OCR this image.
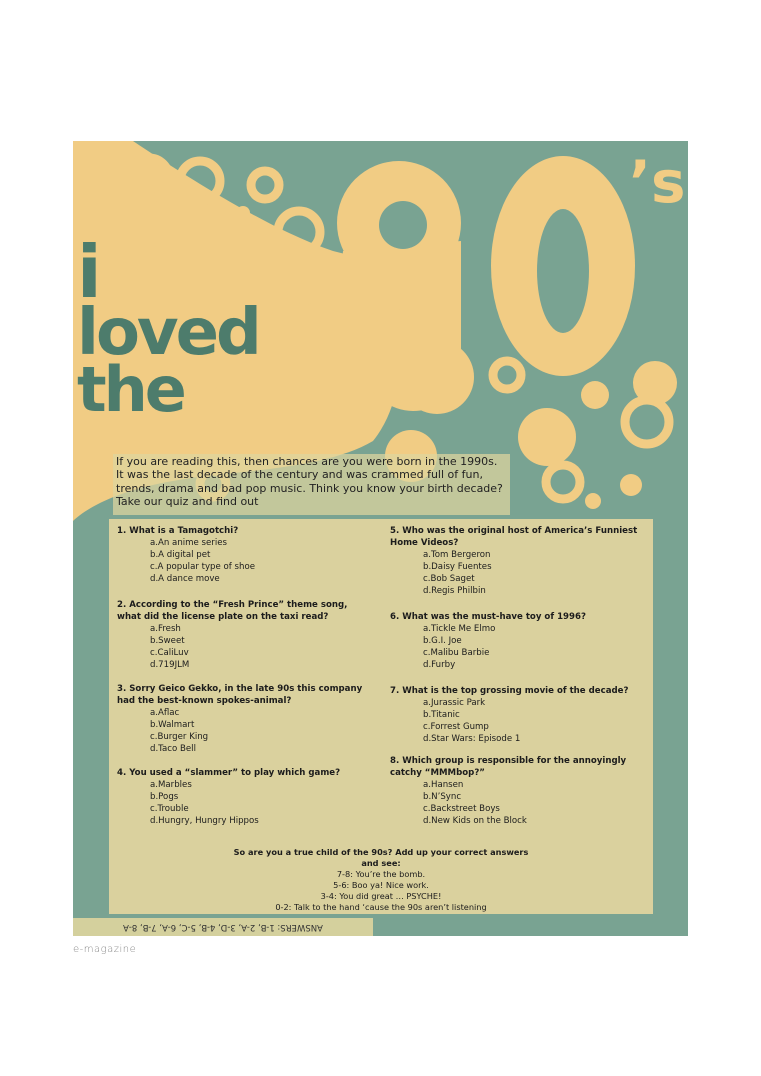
i
loved
the
’s
If you are reading this, then chances are you were born in the 1990s. It was the last decade of the century and was crammed full of fun, trends, drama and bad pop music. Think you know your birth decade? Take our quiz and find out
1. What is a Tamagotchi?
a.An anime series
b.A digital pet
c.A popular type of shoe
d.A dance move
2. According to the “Fresh Prince” theme song, what did the license plate on the taxi read?
a.Fresh
b.Sweet
c.CaliLuv
d.719JLM
3. Sorry Geico Gekko, in the late 90s this company had the best-known spokes-animal?
a.Aflac
b.Walmart
c.Burger King
d.Taco Bell
4. You used a “slammer” to play which game?
a.Marbles
b.Pogs
c.Trouble
d.Hungry, Hungry Hippos
5. Who was the original host of America’s Funniest Home Videos?
a.Tom Bergeron
b.Daisy Fuentes
c.Bob Saget
d.Regis Philbin
6. What was the must-have toy of 1996?
a.Tickle Me Elmo
b.G.I. Joe
c.Malibu Barbie
d.Furby
7. What is the top grossing movie of the decade?
a.Jurassic Park
b.Titanic
c.Forrest Gump
d.Star Wars: Episode 1
8. Which group is responsible for the annoyingly catchy “MMMbop?”
a.Hansen
b.N’Sync
c.Backstreet Boys
d.New Kids on the Block
So are you a true child of the 90s? Add up your correct answers
and see:
7-8: You’re the bomb.
5-6: Boo ya! Nice work.
3-4: You did great … PSYCHE!
0-2: Talk to the hand ‘cause the 90s aren’t listening
ANSWERS: 1-B, 2-A, 3-D, 4-B, 5-C, 6-A, 7-B, 8-A
e-magazine
